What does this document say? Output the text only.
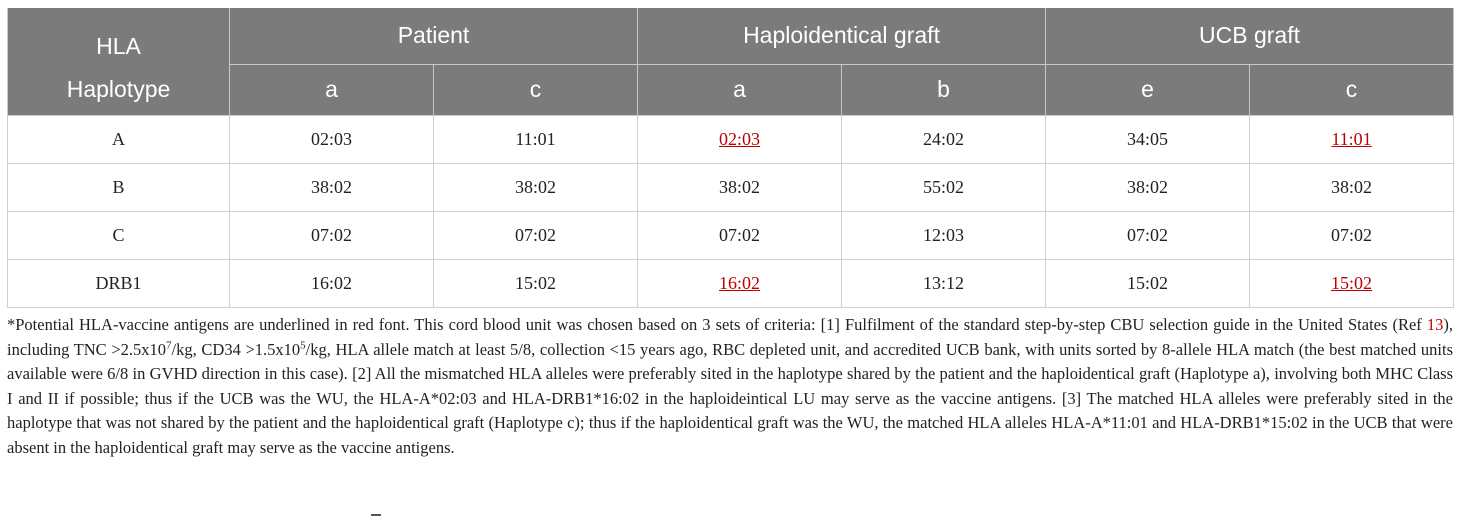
HLA	Patient		Haploidentical graft		UCB graft	
Haplotype	a	c	a	b	e	c
A	02:03	11:01	02:03	24:02	34:05	11:01
B	38:02	38:02	38:02	55:02	38:02	38:02
C	07:02	07:02	07:02	12:03	07:02	07:02
DRB1	16:02	15:02	16:02	13:12	15:02	15:02
*Potential HLA-vaccine antigens are underlined in red font. This cord blood unit was chosen based on 3 sets of criteria: [1] Fulfilment of the standard step-by-step CBU selection guide in the United States (Ref 13), including TNC $>2.5x10^7/kg$, $CD34 >1.5x10^5/kg$, HLA allele match at least 5/8, collection <15 years ago, RBC depleted unit, and accredited UCB bank, with units sorted by 8-allele HLA match (the best matched units available were 6/8 in GVHD direction in this case). [2] All the mismatched HLA alleles were preferably sited in the haplotype shared by the patient and the haploidentical graft (Haplotype a), involving both MHC Class I and II if possible; thus if the UCB was the WU, the HLA-A*02:03 and HLA-DRB1*16:02 in the haploideintical LU may serve as the vaccine antigens. [3] The matched HLA alleles were preferably sited in the haplotype that was not shared by the patient and the haploidentical graft (Haplotype c); thus if the haploidentical graft was the WU, the matched HLA alleles HLA-A*11:01 and HLA-DRB1*15:02 in the UCB that were absent in the haploidentical graft may serve as the vaccine antigens.
